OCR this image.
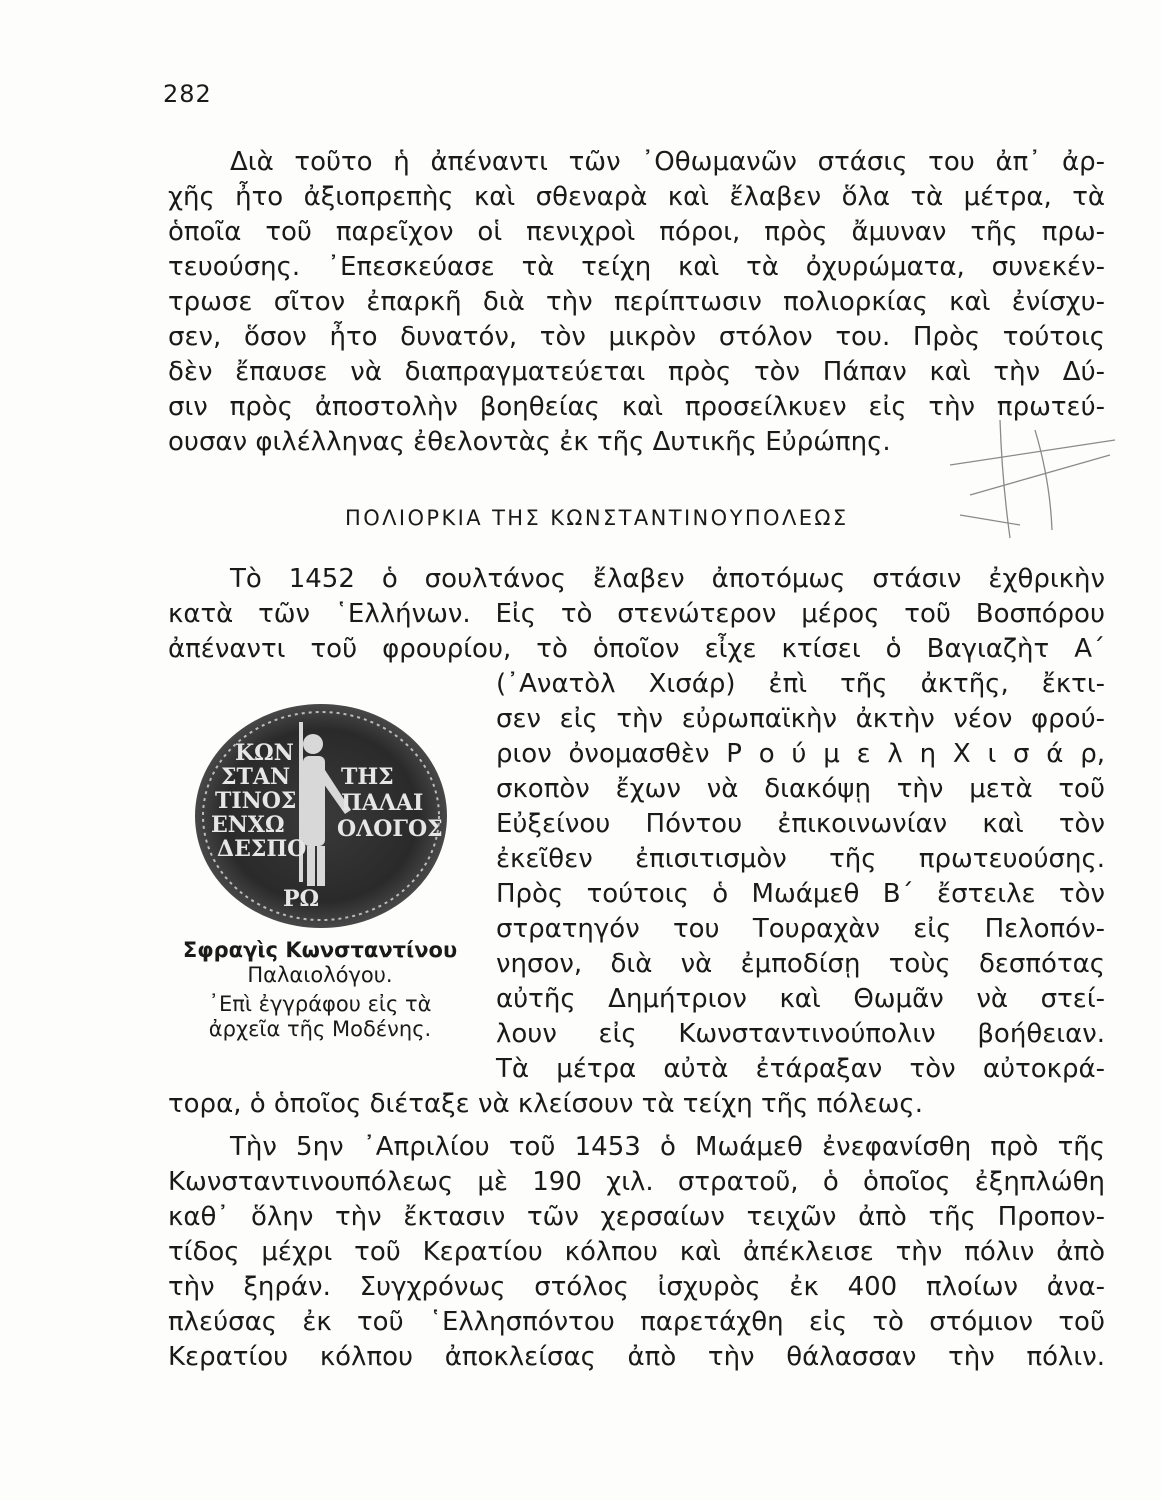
282
Διὰ τοῦτο ἡ ἀπέναντι τῶν ᾿Οθωμανῶν στάσις του ἀπ᾿ ἀρ-
χῆς ἦτο ἀξιοπρεπὴς καὶ σθεναρὰ καὶ ἔλαβεν ὅλα τὰ μέτρα, τὰ
ὁποῖα τοῦ παρεῖχον οἱ πενιχροὶ πόροι, πρὸς ἄμυναν τῆς πρω-
τευούσης. ᾿Επεσκεύασε τὰ τείχη καὶ τὰ ὀχυρώματα, συνεκέν-
τρωσε σῖτον ἐπαρκῆ διὰ τὴν περίπτωσιν πολιορκίας καὶ ἐνίσχυ-
σεν, ὅσον ἦτο δυνατόν, τὸν μικρὸν στόλον του. Πρὸς τούτοις
δὲν ἔπαυσε νὰ διαπραγματεύεται πρὸς τὸν Πάπαν καὶ τὴν Δύ-
σιν πρὸς ἀποστολὴν βοηθείας καὶ προσείλκυεν εἰς τὴν πρωτεύ-
ουσαν φιλέλληνας ἐθελοντὰς ἐκ τῆς Δυτικῆς Εὐρώπης.
ΠΟΛΙΟΡΚΙΑ ΤΗΣ ΚΩΝΣΤΑΝΤΙΝΟΥΠΟΛΕΩΣ
Τὸ 1452 ὁ σουλτάνος ἔλαβεν ἀποτόμως στάσιν ἐχθρικὴν
κατὰ τῶν ῾Ελλήνων. Εἰς τὸ στενώτερον μέρος τοῦ Βοσπόρου
ἀπέναντι τοῦ φρουρίου, τὸ ὁποῖον εἶχε κτίσει ὁ Βαγιαζὴτ Α´
(᾿Ανατὸλ Χισάρ) ἐπὶ τῆς ἀκτῆς, ἔκτι-
σεν εἰς τὴν εὐρωπαϊκὴν ἀκτὴν νέον φρού-
ριον ὀνομασθὲν Ρ ο ύ μ ε λ η Χ ι σ ά ρ,
σκοπὸν ἔχων νὰ διακόψῃ τὴν μετὰ τοῦ
Εὐξείνου Πόντου ἐπικοινωνίαν καὶ τὸν
ἐκεῖθεν ἐπισιτισμὸν τῆς πρωτευούσης.
Πρὸς τούτοις ὁ Μωάμεθ Β´ ἔστειλε τὸν
στρατηγόν του Τουραχὰν εἰς Πελοπόν-
νησον, διὰ νὰ ἐμποδίσῃ τοὺς δεσπότας
αὐτῆς Δημήτριον καὶ Θωμᾶν νὰ στεί-
λουν εἰς Κωνσταντινούπολιν βοήθειαν.
Τὰ μέτρα αὐτὰ ἐτάραξαν τὸν αὐτοκρά-
τορα, ὁ ὁποῖος διέταξε νὰ κλείσουν τὰ τείχη τῆς πόλεως.
ΚΩΝ
ΣΤΑΝ
ΤΙΝΟΣ
ΕΝΧΩ
ΔΕΣΠΟ
ΤΗΣ
ΠΑΛΑΙ
ΟΛΟΓΟΣ
ΡΩ
Σφραγὶς Κωνσταντίνου
Παλαιολόγου.
᾿Επὶ ἐγγράφου εἰς τὰ
ἀρχεῖα τῆς Μοδένης.
Τὴν 5ην ᾿Απριλίου τοῦ 1453 ὁ Μωάμεθ ἐνεφανίσθη πρὸ τῆς
Κωνσταντινουπόλεως μὲ 190 χιλ. στρατοῦ, ὁ ὁποῖος ἐξηπλώθη
καθ᾿ ὅλην τὴν ἔκτασιν τῶν χερσαίων τειχῶν ἀπὸ τῆς Προπον-
τίδος μέχρι τοῦ Κερατίου κόλπου καὶ ἀπέκλεισε τὴν πόλιν ἀπὸ
τὴν ξηράν. Συγχρόνως στόλος ἰσχυρὸς ἐκ 400 πλοίων ἀνα-
πλεύσας ἐκ τοῦ ῾Ελλησπόντου παρετάχθη εἰς τὸ στόμιον τοῦ
Κερατίου κόλπου ἀποκλείσας ἀπὸ τὴν θάλασσαν τὴν πόλιν.
